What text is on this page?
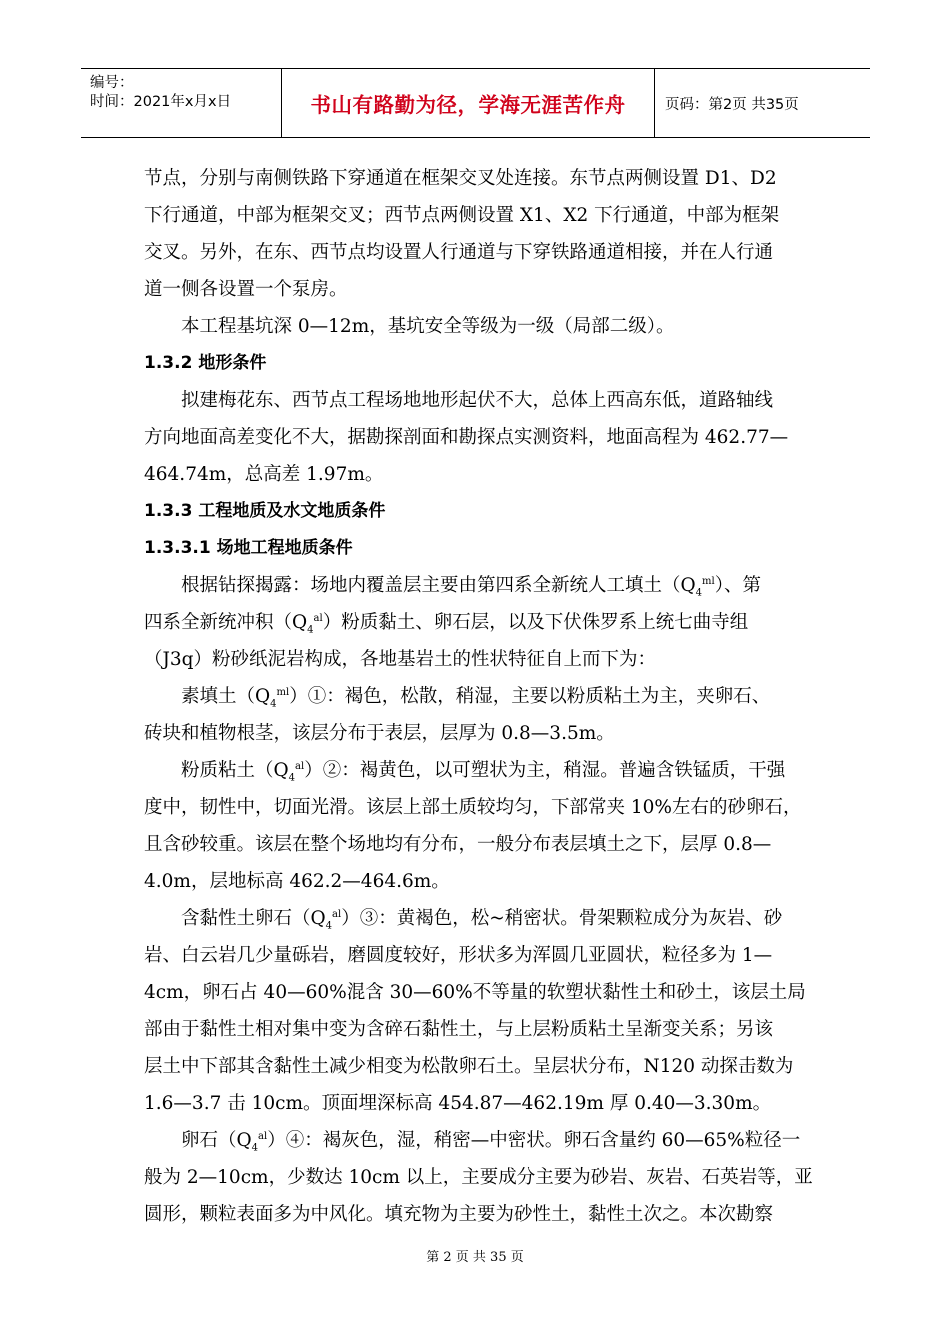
编号：
时间：2021年x月x日	书山有路勤为径，学海无涯苦作舟	页码：第2页 共35页

节点，分别与南侧铁路下穿通道在框架交叉处连接。东节点两侧设置 D1、D2

下行通道，中部为框架交叉；西节点两侧设置 X1、X2 下行通道，中部为框架

交叉。另外，在东、西节点均设置人行通道与下穿铁路通道相接，并在人行通

道一侧各设置一个泵房。

本工程基坑深 0—12m，基坑安全等级为一级（局部二级）。

1.3.2 地形条件

拟建梅花东、西节点工程场地地形起伏不大，总体上西高东低，道路轴线

方向地面高差变化不大，据勘探剖面和勘探点实测资料，地面高程为 462.77—

464.74m，总高差 1.97m。

1.3.3 工程地质及水文地质条件
1.3.3.1 场地工程地质条件

根据钻探揭露：场地内覆盖层主要由第四系全新统人工填土$(Q_4^{ml})$、第

四系全新统冲积$(Q_4^{al})$粉质黏土、卵石层，以及下伏侏罗系上统七曲寺组

（J3q）粉砂纸泥岩构成，各地基岩土的性状特征自上而下为：

素填土$(Q_4^{ml})①$：褐色，松散，稍湿，主要以粉质粘土为主，夹卵石、

砖块和植物根茎，该层分布于表层，层厚为 0.8—3.5m。

粉质粘土$(Q_4^{al})②$：褐黄色，以可塑状为主，稍湿。普遍含铁锰质，干强

度中，韧性中，切面光滑。该层上部土质较均匀，下部常夹 10%左右的砂卵石，

且含砂较重。该层在整个场地均有分布，一般分布表层填土之下，层厚 0.8—

4.0m，层地标高 462.2—464.6m。

含黏性土卵石$(Q_4^{al})③$：黄褐色，松~稍密状。骨架颗粒成分为灰岩、砂

岩、白云岩几少量砾岩，磨圆度较好，形状多为浑圆几亚圆状，粒径多为 1—

4cm，卵石占 40—60%混含 30—60%不等量的软塑状黏性土和砂土，该层土局

部由于黏性土相对集中变为含碎石黏性土，与上层粉质粘土呈渐变关系；另该

层土中下部其含黏性土减少相变为松散卵石土。呈层状分布，N120 动探击数为

1.6—3.7 击 10cm。顶面埋深标高 454.87—462.19m 厚 0.40—3.30m。

卵石$(Q_4^{al})④$：褐灰色，湿，稍密—中密状。卵石含量约 60—65%粒径一

般为 2—10cm，少数达 10cm 以上，主要成分主要为砂岩、灰岩、石英岩等，亚

圆形，颗粒表面多为中风化。填充物为主要为砂性土，黏性土次之。本次勘察

第 2 页 共 35 页
